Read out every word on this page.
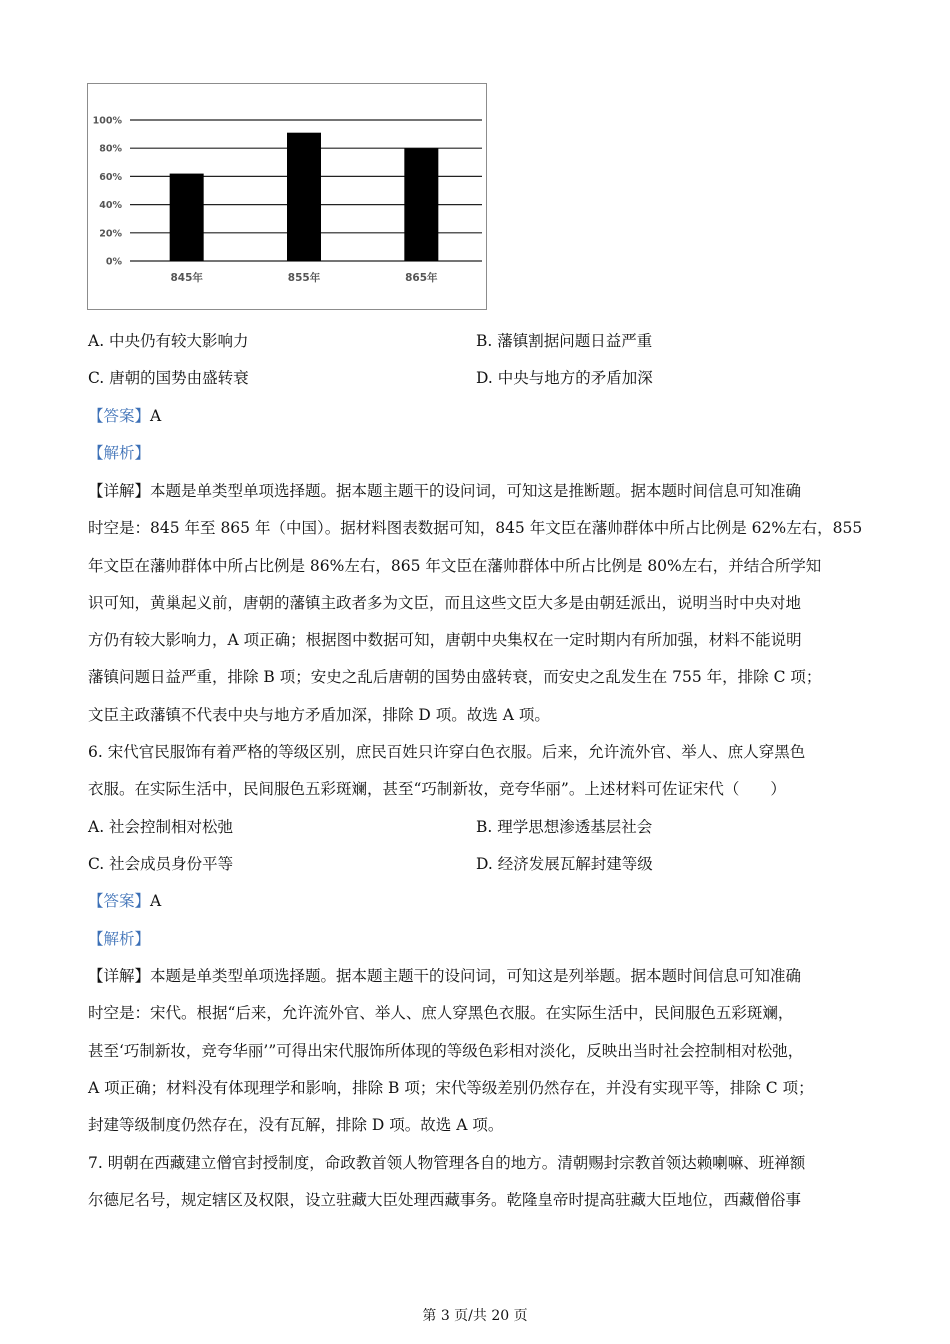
0%
20%
40%
60%
80%
100%
845年	855年	865年
A. 中央仍有较大影响力	B. 藩镇割据问题日益严重
C. 唐朝的国势由盛转衰	D. 中央与地方的矛盾加深
【答案】A
【解析】
【详解】本题是单类型单项选择题。据本题主题干的设问词，可知这是推断题。据本题时间信息可知准确
时空是：845 年至 865 年（中国）。据材料图表数据可知，845 年文臣在藩帅群体中所占比例是 62%左右，855
年文臣在藩帅群体中所占比例是 86%左右，865 年文臣在藩帅群体中所占比例是 80%左右，并结合所学知
识可知，黄巢起义前，唐朝的藩镇主政者多为文臣，而且这些文臣大多是由朝廷派出，说明当时中央对地
方仍有较大影响力，A 项正确；根据图中数据可知，唐朝中央集权在一定时期内有所加强，材料不能说明
藩镇问题日益严重，排除 B 项；安史之乱后唐朝的国势由盛转衰，而安史之乱发生在 755 年，排除 C 项；
文臣主政藩镇不代表中央与地方矛盾加深，排除 D 项。故选 A 项。
6. 宋代官民服饰有着严格的等级区别，庶民百姓只许穿白色衣服。后来，允许流外官、举人、庶人穿黑色
衣服。在实际生活中，民间服色五彩斑斓，甚至“巧制新妆，竞夸华丽”。上述材料可佐证宋代（　　）
A. 社会控制相对松弛	B. 理学思想渗透基层社会
C. 社会成员身份平等	D. 经济发展瓦解封建等级
【答案】A
【解析】
【详解】本题是单类型单项选择题。据本题主题干的设问词，可知这是列举题。据本题时间信息可知准确
时空是：宋代。根据“后来，允许流外官、举人、庶人穿黑色衣服。在实际生活中，民间服色五彩斑斓，
甚至‘巧制新妆，竞夸华丽’”可得出宋代服饰所体现的等级色彩相对淡化，反映出当时社会控制相对松弛，
A 项正确；材料没有体现理学和影响，排除 B 项；宋代等级差别仍然存在，并没有实现平等，排除 C 项；
封建等级制度仍然存在，没有瓦解，排除 D 项。故选 A 项。
7. 明朝在西藏建立僧官封授制度，命政教首领人物管理各自的地方。清朝赐封宗教首领达赖喇嘛、班禅额
尔德尼名号，规定辖区及权限，设立驻藏大臣处理西藏事务。乾隆皇帝时提高驻藏大臣地位，西藏僧俗事
第 3 页/共 20 页
